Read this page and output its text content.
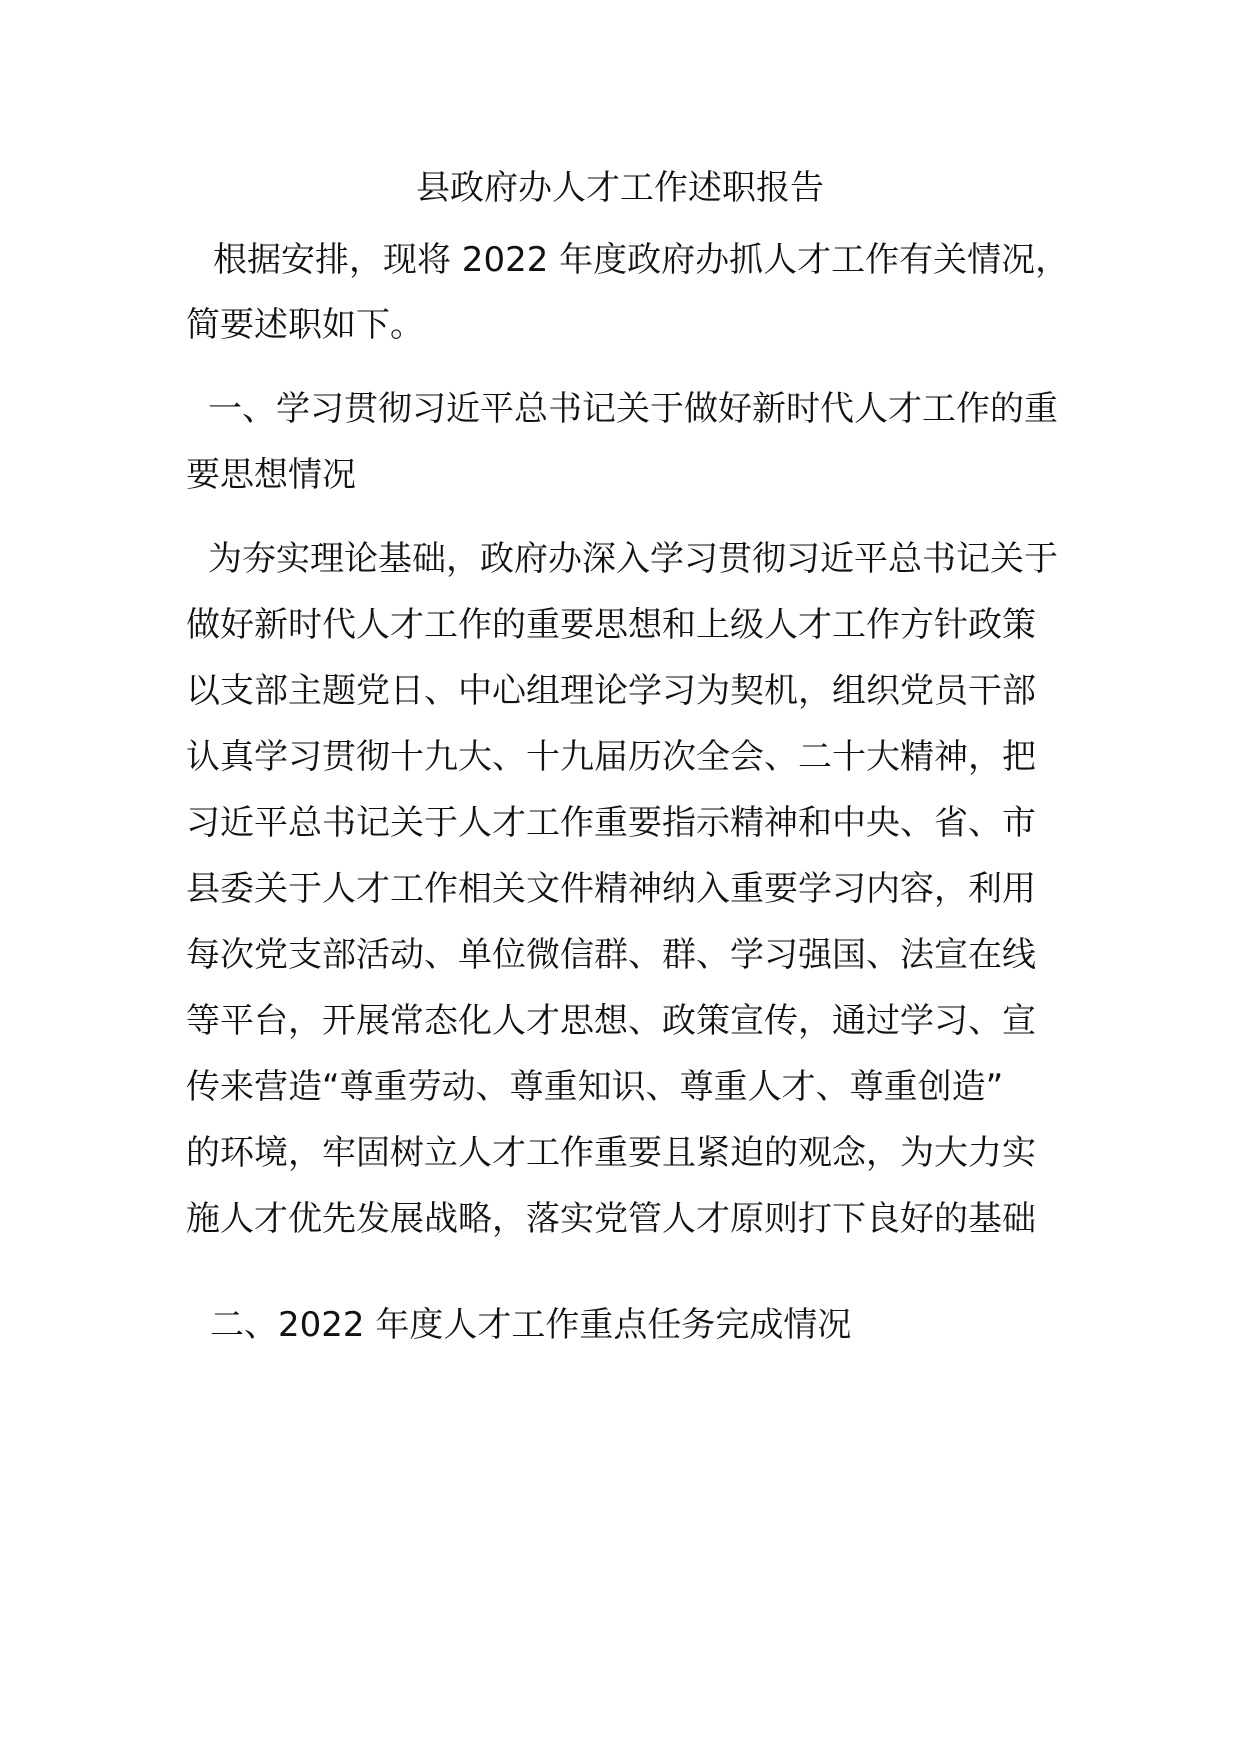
县政府办人才工作述职报告
根据安排，现将 2022 年度政府办抓人才工作有关情况，
简要述职如下。
一、学习贯彻习近平总书记关于做好新时代人才工作的重
要思想情况
为夯实理论基础，政府办深入学习贯彻习近平总书记关于
做好新时代人才工作的重要思想和上级人才工作方针政策
以支部主题党日、中心组理论学习为契机，组织党员干部
认真学习贯彻十九大、十九届历次全会、二十大精神，把
习近平总书记关于人才工作重要指示精神和中央、省、市
县委关于人才工作相关文件精神纳入重要学习内容，利用
每次党支部活动、单位微信群、群、学习强国、法宣在线
等平台，开展常态化人才思想、政策宣传，通过学习、宣
传来营造“尊重劳动、尊重知识、尊重人才、尊重创造”
的环境，牢固树立人才工作重要且紧迫的观念，为大力实
施人才优先发展战略，落实党管人才原则打下良好的基础
二、2022 年度人才工作重点任务完成情况
